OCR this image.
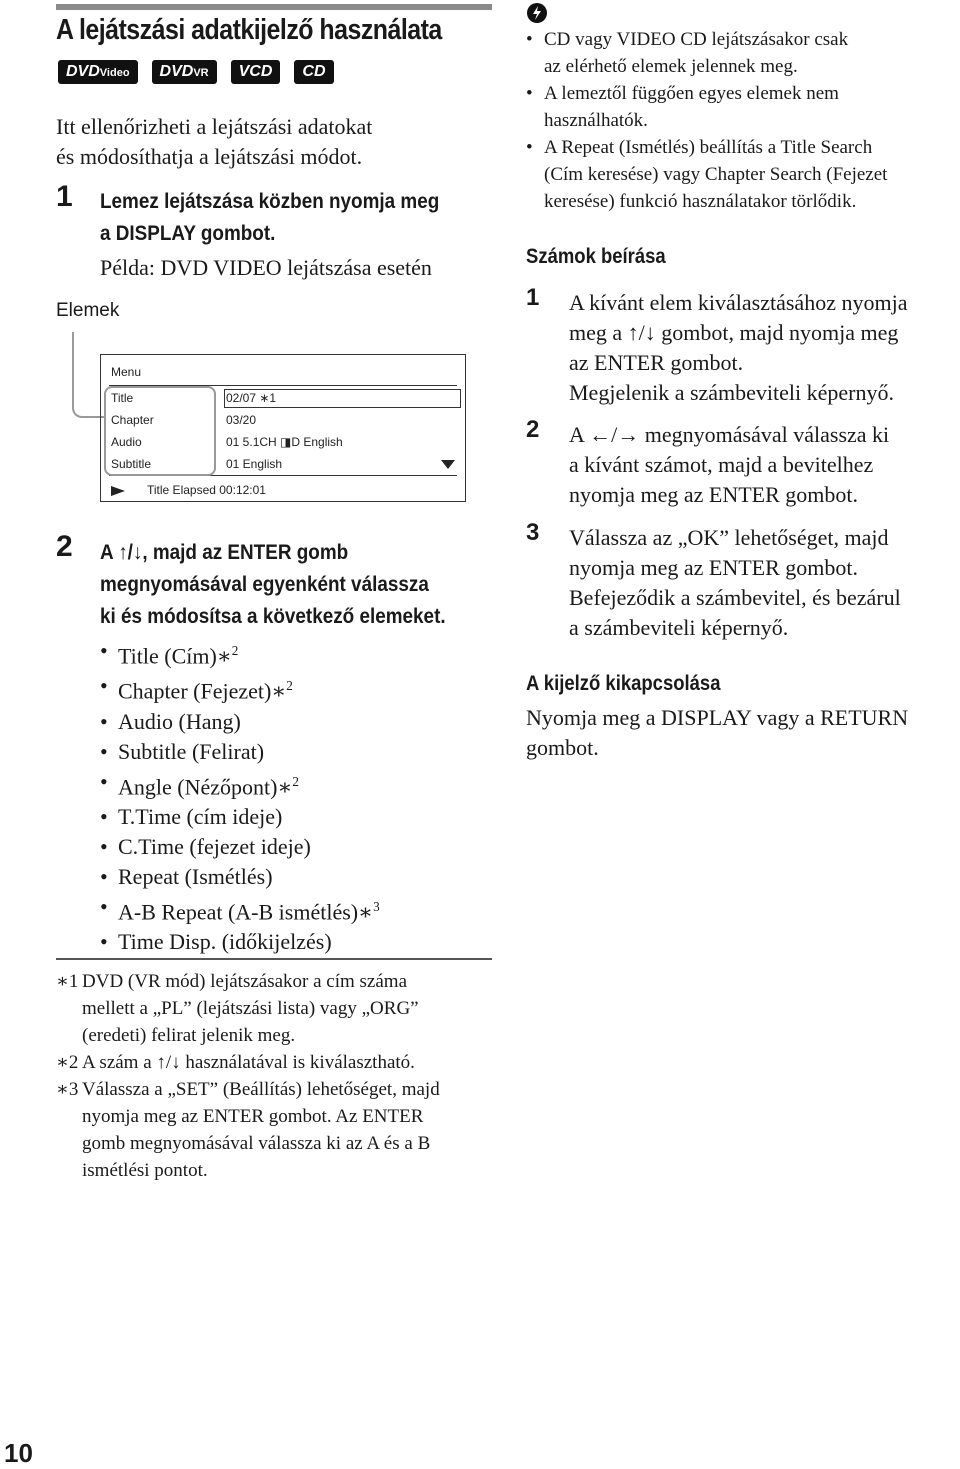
A lejátszási adatkijelző használata
DVDVideo	DVDVR	VCD	CD
Itt ellenőrizheti a lejátszási adatokat
és módosíthatja a lejátszási módot.
1 Lemez lejátszása közben nyomja meg
a DISPLAY gombot.
Példa: DVD VIDEO lejátszása esetén
Elemek
Menu
Title	02/07 ∗1
Chapter	03/20
Audio	01 5.1CH ◨D English
Subtitle	01 English
Title Elapsed 00:12:01
2 A ↑/↓, majd az ENTER gomb
megnyomásával egyenként válassza
ki és módosítsa a következő elemeket.
• Title (Cím)∗$^2$
• Chapter (Fejezet)∗$^2$
• Audio (Hang)
• Subtitle (Felirat)
• Angle (Nézőpont)∗$^2$
• T.Time (cím ideje)
• C.Time (fejezet ideje)
• Repeat (Ismétlés)
• A-B Repeat (A-B ismétlés)∗$^3$
• Time Disp. (időkijelzés)
∗1 DVD (VR mód) lejátszásakor a cím száma
mellett a „PL” (lejátszási lista) vagy „ORG”
(eredeti) felirat jelenik meg.
∗2 A szám a ↑/↓ használatával is kiválasztható.
∗3 Válassza a „SET” (Beállítás) lehetőséget, majd
nyomja meg az ENTER gombot. Az ENTER
gomb megnyomásával válassza ki az A és a B
ismétlési pontot.
• CD vagy VIDEO CD lejátszásakor csak
az elérhető elemek jelennek meg.
• A lemeztől függően egyes elemek nem
használhatók.
• A Repeat (Ismétlés) beállítás a Title Search
(Cím keresése) vagy Chapter Search (Fejezet
keresése) funkció használatakor törlődik.
Számok beírása
1 A kívánt elem kiválasztásához nyomja
meg a ↑/↓ gombot, majd nyomja meg
az ENTER gombot.
Megjelenik a számbeviteli képernyő.
2 A ←/→ megnyomásával válassza ki
a kívánt számot, majd a bevitelhez
nyomja meg az ENTER gombot.
3 Válassza az „OK” lehetőséget, majd
nyomja meg az ENTER gombot.
Befejeződik a számbevitel, és bezárul
a számbeviteli képernyő.
A kijelző kikapcsolása
Nyomja meg a DISPLAY vagy a RETURN
gombot.
10
